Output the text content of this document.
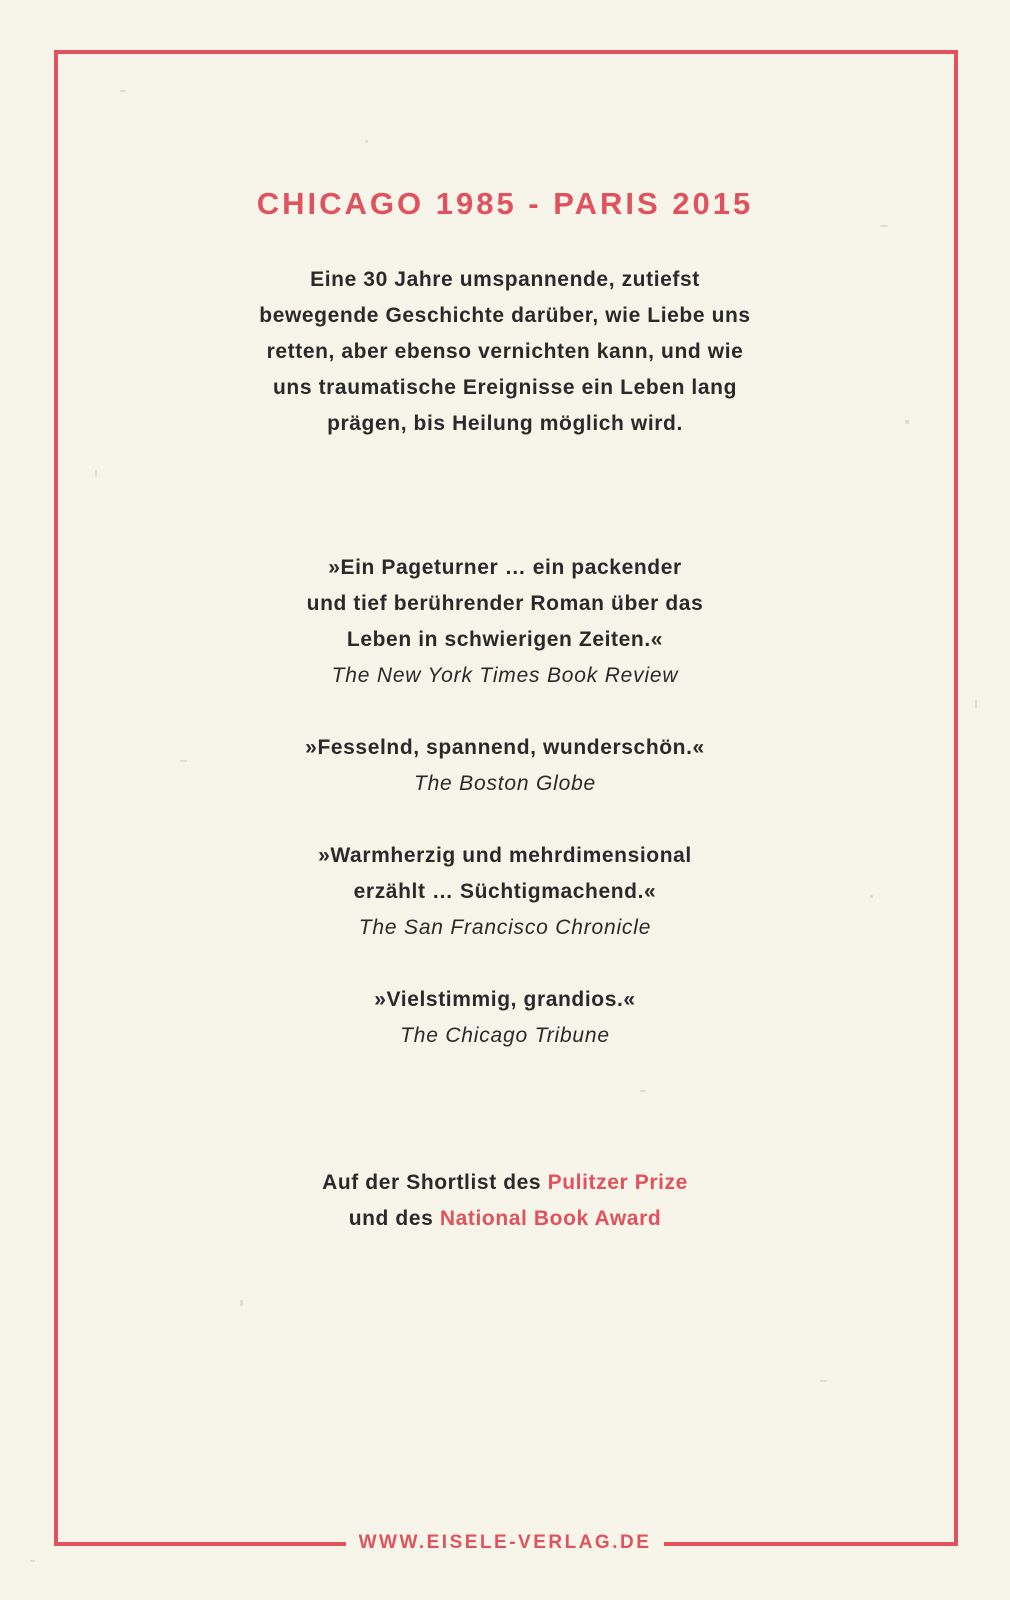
CHICAGO 1985 - PARIS 2015
Eine 30 Jahre umspannende, zutiefst
bewegende Geschichte darüber, wie Liebe uns
retten, aber ebenso vernichten kann, und wie
uns traumatische Ereignisse ein Leben lang
prägen, bis Heilung möglich wird.
»Ein Pageturner … ein packender
und tief berührender Roman über das
Leben in schwierigen Zeiten.«
The New York Times Book Review
»Fesselnd, spannend, wunderschön.«
The Boston Globe
»Warmherzig und mehrdimensional
erzählt … Süchtigmachend.«
The San Francisco Chronicle
»Vielstimmig, grandios.«
The Chicago Tribune
Auf der Shortlist des Pulitzer Prize
und des National Book Award
WWW.EISELE-VERLAG.DE
